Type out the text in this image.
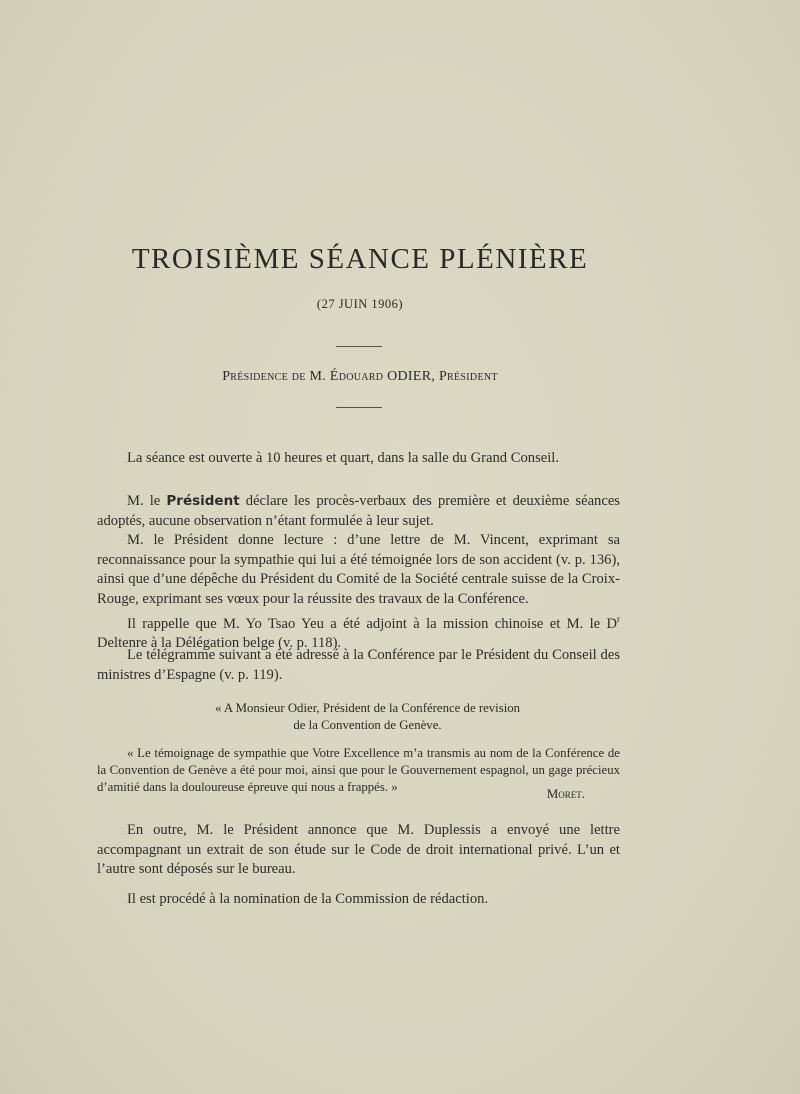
TROISIÈME SÉANCE PLÉNIÈRE
(27 JUIN 1906)
Présidence de M. Édouard ODIER, Président

La séance est ouverte à 10 heures et quart, dans la salle du Grand Conseil.

M. le Président déclare les procès-verbaux des première et deuxième séances adoptés, aucune observation n’étant formulée à leur sujet.

M. le Président donne lecture : d’une lettre de M. Vincent, exprimant sa reconnaissance pour la sympathie qui lui a été témoignée lors de son accident (v. p. 136), ainsi que d’une dépêche du Président du Comité de la Société centrale suisse de la Croix-Rouge, exprimant ses vœux pour la réussite des travaux de la Conférence.

Il rappelle que M. Yo Tsao Yeu a été adjoint à la mission chinoise et M. le $D^r$ Deltenre à la Délégation belge (v. p. 118).

Le télégramme suivant a été adressé à la Conférence par le Président du Conseil des ministres d’Espagne (v. p. 119).

« A Monsieur Odier, Président de la Conférence de revision
de la Convention de Genève.

« Le témoignage de sympathie que Votre Excellence m’a transmis au nom de la Conférence de la Convention de Genève a été pour moi, ainsi que pour le Gouvernement espagnol, un gage précieux d’amitié dans la douloureuse épreuve qui nous a frappés. »	Moret.

En outre, M. le Président annonce que M. Duplessis a envoyé une lettre accompagnant un extrait de son étude sur le Code de droit international privé. L’un et l’autre sont déposés sur le bureau.

Il est procédé à la nomination de la Commission de rédaction.
